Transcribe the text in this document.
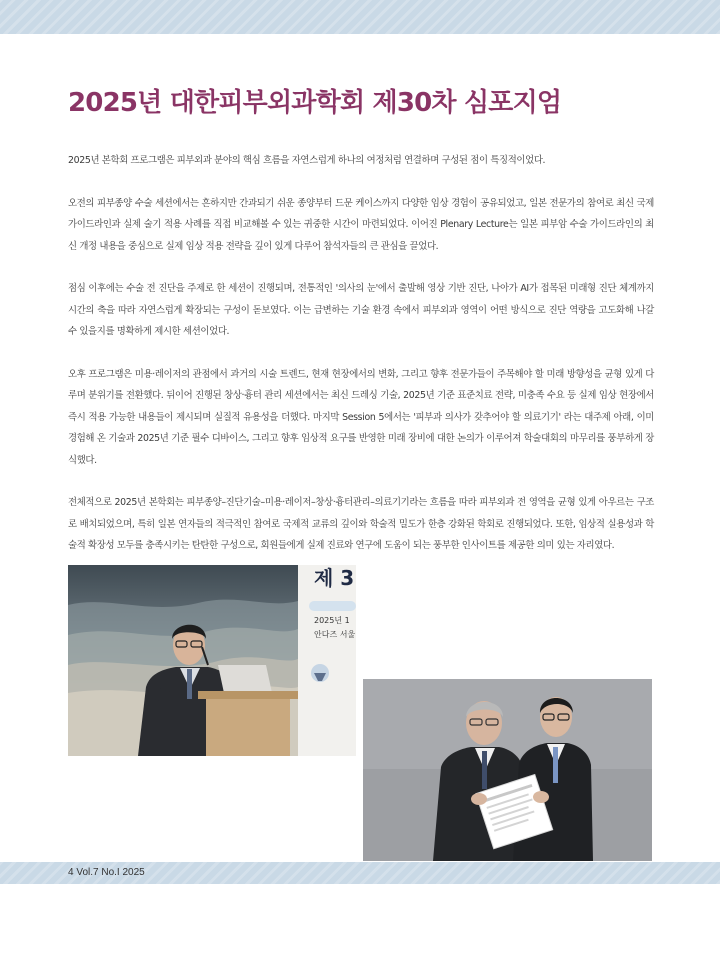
2025년 대한피부외과학회 제30차 심포지엄

2025년 본학회 프로그램은 피부외과 분야의 핵심 흐름을 자연스럽게 하나의 여정처럼 연결하며 구성된 점이 특징적이었다.

오전의 피부종양 수술 세션에서는 흔하지만 간과되기 쉬운 종양부터 드문 케이스까지 다양한 임상 경험이 공유되었고, 일본 전문가의 참여로 최신 국제 가이드라인과 실제 술기 적용 사례를 직접 비교해볼 수 있는 귀중한 시간이 마련되었다. 이어진 Plenary Lecture는 일본 피부암 수술 가이드라인의 최신 개정 내용을 중심으로 실제 임상 적용 전략을 깊이 있게 다루어 참석자들의 큰 관심을 끌었다.

점심 이후에는 수술 전 진단을 주제로 한 세션이 진행되며, 전통적인 '의사의 눈'에서 출발해 영상 기반 진단, 나아가 AI가 접목된 미래형 진단 체계까지 시간의 축을 따라 자연스럽게 확장되는 구성이 돋보였다. 이는 급변하는 기술 환경 속에서 피부외과 영역이 어떤 방식으로 진단 역량을 고도화해 나갈 수 있을지를 명확하게 제시한 세션이었다.

오후 프로그램은 미용·레이저의 관점에서 과거의 시술 트렌드, 현재 현장에서의 변화, 그리고 향후 전문가들이 주목해야 할 미래 방향성을 균형 있게 다루며 분위기를 전환했다. 뒤이어 진행된 창상·흉터 관리 세션에서는 최신 드레싱 기술, 2025년 기준 표준치료 전략, 미충족 수요 등 실제 임상 현장에서 즉시 적용 가능한 내용들이 제시되며 실질적 유용성을 더했다. 마지막 Session 5에서는 '피부과 의사가 갖추어야 할 의료기기' 라는 대주제 아래, 이미 경험해 온 기술과 2025년 기준 필수 디바이스, 그리고 향후 임상적 요구를 반영한 미래 장비에 대한 논의가 이루어져 학술대회의 마무리를 풍부하게 장식했다.

전체적으로 2025년 본학회는 피부종양–진단기술–미용·레이저–창상·흉터관리–의료기기라는 흐름을 따라 피부외과 전 영역을 균형 있게 아우르는 구조로 배치되었으며, 특히 일본 연자들의 적극적인 참여로 국제적 교류의 깊이와 학술적 밀도가 한층 강화된 학회로 진행되었다. 또한, 임상적 실용성과 학술적 확장성 모두를 충족시키는 탄탄한 구성으로, 회원들에게 실제 진료와 연구에 도움이 되는 풍부한 인사이트를 제공한 의미 있는 자리였다.

제 3
2025년 1
안다즈 서울
4 Vol.7 No.I 2025
